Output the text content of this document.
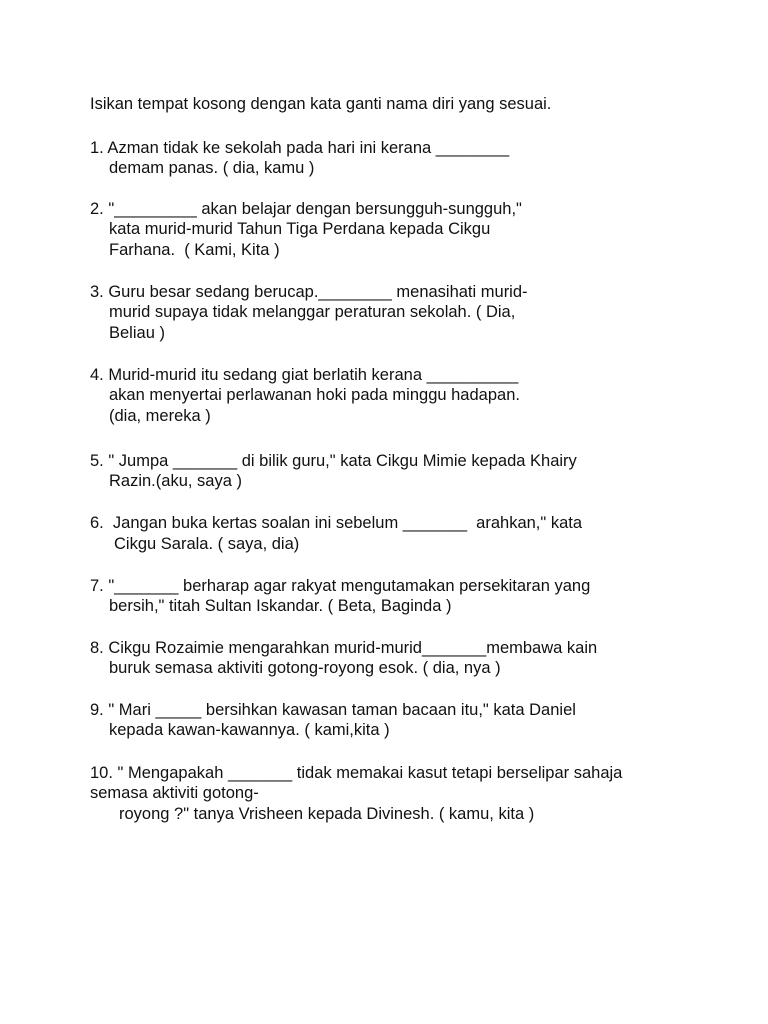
Isikan tempat kosong dengan kata ganti nama diri yang sesuai.
1. Azman tidak ke sekolah pada hari ini kerana ________
demam panas. ( dia, kamu )
2. "_________ akan belajar dengan bersungguh-sungguh,"
kata murid-murid Tahun Tiga Perdana kepada Cikgu
Farhana.  ( Kami, Kita )
3. Guru besar sedang berucap.________ menasihati murid-
murid supaya tidak melanggar peraturan sekolah. ( Dia,
Beliau )
4. Murid-murid itu sedang giat berlatih kerana __________
akan menyertai perlawanan hoki pada minggu hadapan.
(dia, mereka )
5. " Jumpa _______ di bilik guru," kata Cikgu Mimie kepada Khairy
Razin.(aku, saya )
6.  Jangan buka kertas soalan ini sebelum _______  arahkan," kata
Cikgu Sarala. ( saya, dia)
7. "_______ berharap agar rakyat mengutamakan persekitaran yang
bersih," titah Sultan Iskandar. ( Beta, Baginda )
8. Cikgu Rozaimie mengarahkan murid-murid_______membawa kain
buruk semasa aktiviti gotong-royong esok. ( dia, nya )
9. " Mari _____ bersihkan kawasan taman bacaan itu," kata Daniel
kepada kawan-kawannya. ( kami,kita )
10. " Mengapakah _______ tidak memakai kasut tetapi berselipar sahaja
semasa aktiviti gotong-
royong ?" tanya Vrisheen kepada Divinesh. ( kamu, kita )
